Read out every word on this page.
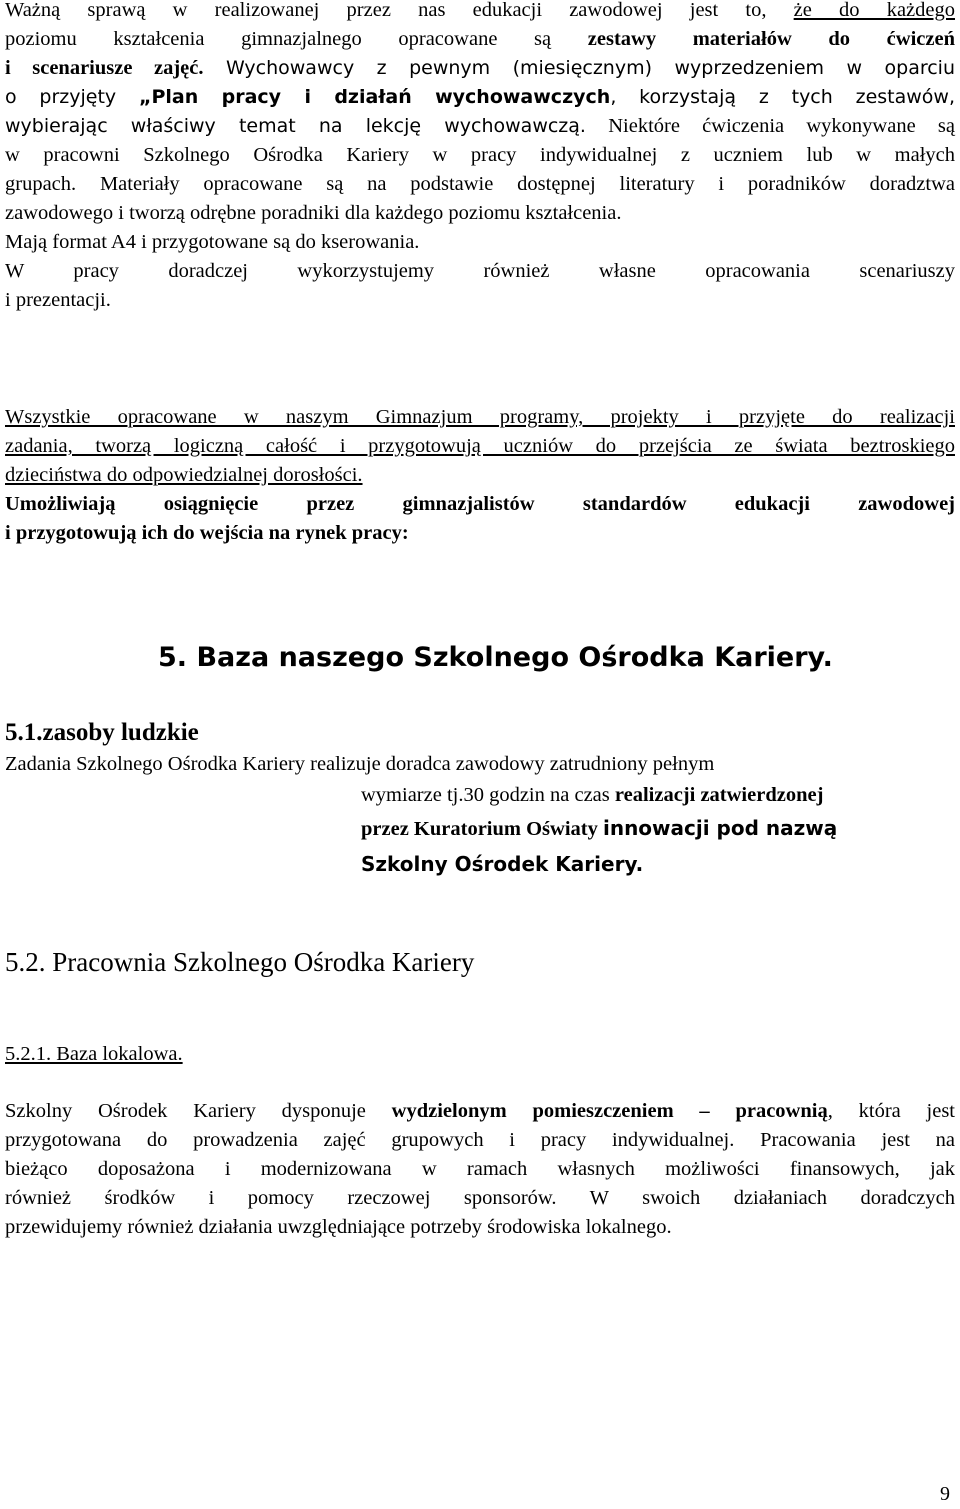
Ważną sprawą w realizowanej przez nas edukacji zawodowej jest to, że do każdego
poziomu kształcenia gimnazjalnego opracowane są zestawy materiałów do ćwiczeń
i scenariusze zajęć. Wychowawcy z pewnym (miesięcznym) wyprzedzeniem w oparciu
o przyjęty „Plan pracy i działań wychowawczych, korzystają z tych zestawów,
wybierając właściwy temat na lekcję wychowawczą. Niektóre ćwiczenia wykonywane są
w pracowni Szkolnego Ośrodka Kariery w pracy indywidualnej z uczniem lub w małych
grupach. Materiały opracowane są na podstawie dostępnej literatury i poradników doradztwa
zawodowego i tworzą odrębne poradniki dla każdego poziomu kształcenia.
Mają format A4 i przygotowane są do kserowania.
W pracy doradczej wykorzystujemy również własne opracowania scenariuszy
i prezentacji.
Wszystkie opracowane w naszym Gimnazjum programy, projekty i przyjęte do realizacji
zadania, tworzą logiczną całość i przygotowują uczniów do przejścia ze świata beztroskiego
dzieciństwa do odpowiedzialnej dorosłości.
Umożliwiają osiągnięcie przez gimnazjalistów standardów edukacji zawodowej
i przygotowują ich do wejścia na rynek pracy:
5. Baza naszego Szkolnego Ośrodka Kariery.
5.1.zasoby ludzkie
Zadania Szkolnego Ośrodka Kariery realizuje doradca zawodowy zatrudniony pełnym
wymiarze tj.30 godzin na czas realizacji zatwierdzonej
przez Kuratorium Oświaty innowacji pod nazwą
Szkolny Ośrodek Kariery.
5.2. Pracownia Szkolnego Ośrodka Kariery
5.2.1. Baza lokalowa.
Szkolny Ośrodek Kariery dysponuje wydzielonym pomieszczeniem – pracownią, która jest
przygotowana do prowadzenia zajęć grupowych i pracy indywidualnej. Pracowania jest na
bieżąco doposażona i modernizowana w ramach własnych możliwości finansowych, jak
również środków i pomocy rzeczowej sponsorów. W swoich działaniach doradczych
przewidujemy również działania uwzględniające potrzeby środowiska lokalnego.
9
